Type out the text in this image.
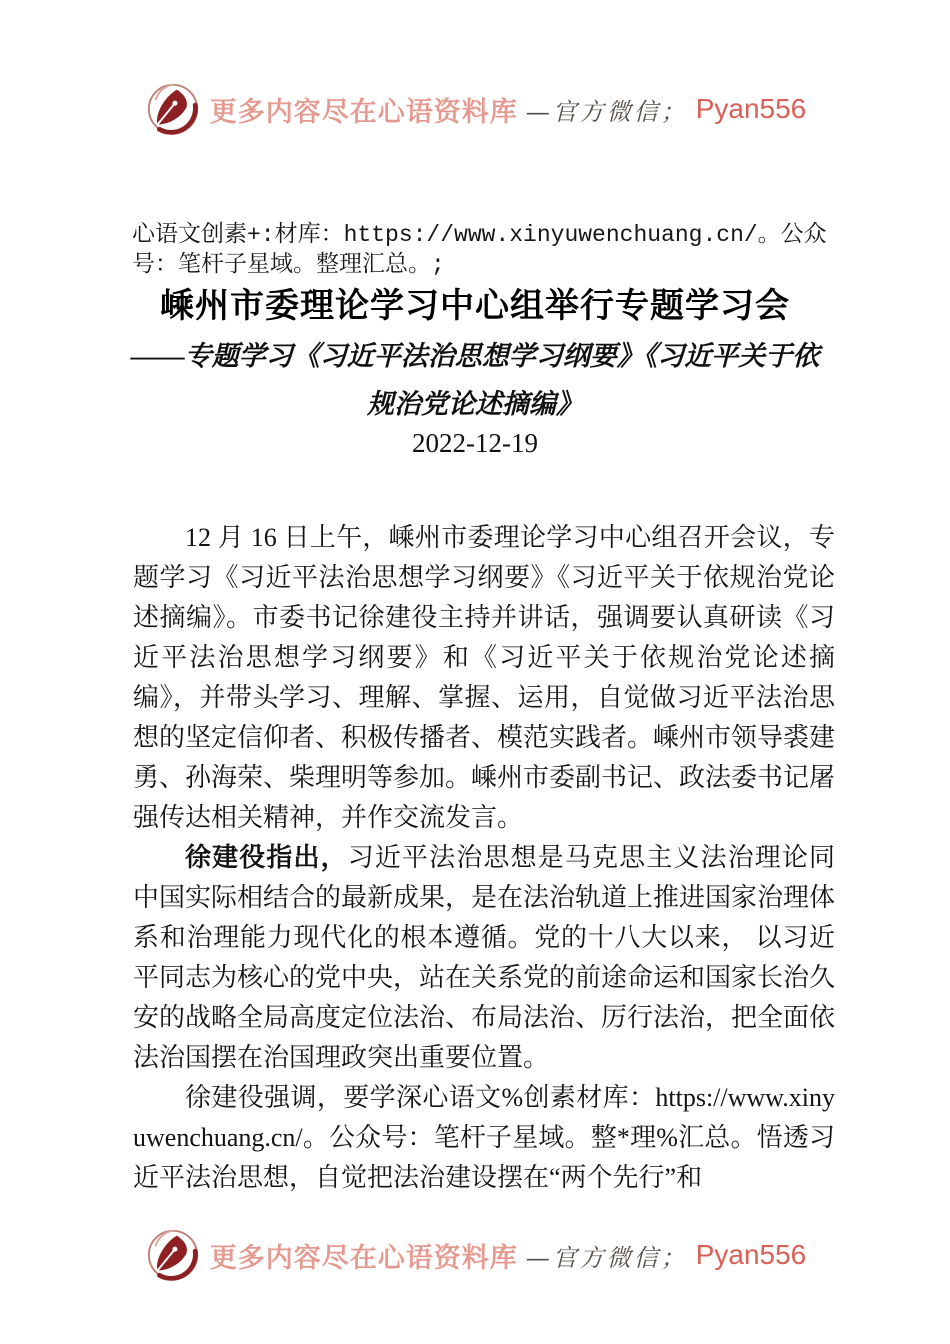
更多内容尽在心语资料库 —官方微信； Pyan556
心语文创素+:材库：https://www.xinyuwenchuang.cn/。公众号：笔杆子星域。整理汇总。;
嵊州市委理论学习中心组举行专题学习会
——专题学习《习近平法治思想学习纲要》《习近平关于依规治党论述摘编》
2022-12-19

12 月 16 日上午，嵊州市委理论学习中心组召开会议，专题学习《习近平法治思想学习纲要》《习近平关于依规治党论述摘编》。市委书记徐建役主持并讲话，强调要认真研读《习近平法治思想学习纲要》和《习近平关于依规治党论述摘编》，并带头学习、理解、掌握、运用，自觉做习近平法治思想的坚定信仰者、积极传播者、模范实践者。嵊州市领导裘建勇、孙海荣、柴理明等参加。嵊州市委副书记、政法委书记屠强传达相关精神，并作交流发言。

徐建役指出，习近平法治思想是马克思主义法治理论同中国实际相结合的最新成果，是在法治轨道上推进国家治理体系和治理能力现代化的根本遵循。党的十八大以来， 以习近平同志为核心的党中央，站在关系党的前途命运和国家长治久安的战略全局高度定位法治、布局法治、厉行法治，把全面依法治国摆在治国理政突出重要位置。

徐建役强调，要学深心语文%创素材库：https://www.xinyuwenchuang.cn/。公众号：笔杆子星域。整*理%汇总。悟透习近平法治思想，自觉把法治建设摆在“两个先行”和

更多内容尽在心语资料库 —官方微信； Pyan556
